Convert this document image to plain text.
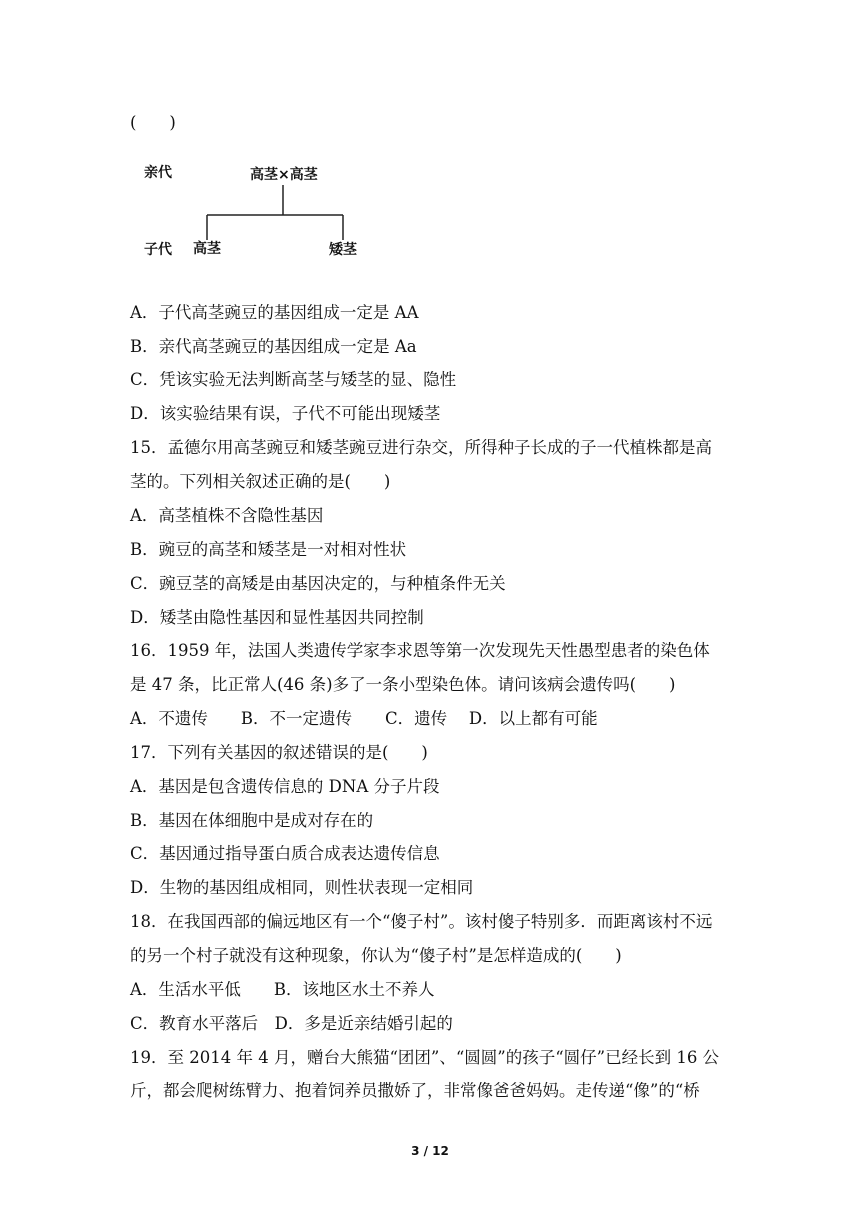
(　　)
亲代	高茎×高茎
子代 高茎	矮茎
A．子代高茎豌豆的基因组成一定是 AA
B．亲代高茎豌豆的基因组成一定是 Aa
C．凭该实验无法判断高茎与矮茎的显、隐性
D．该实验结果有误，子代不可能出现矮茎
15．孟德尔用高茎豌豆和矮茎豌豆进行杂交，所得种子长成的子一代植株都是高
茎的。下列相关叙述正确的是(　　)
A．高茎植株不含隐性基因
B．豌豆的高茎和矮茎是一对相对性状
C．豌豆茎的高矮是由基因决定的，与种植条件无关
D．矮茎由隐性基因和显性基因共同控制
16．1959 年，法国人类遗传学家李求恩等第一次发现先天性愚型患者的染色体
是 47 条，比正常人(46 条)多了一条小型染色体。请问该病会遗传吗(　　)
A．不遗传　　B．不一定遗传　　C．遗传　 D．以上都有可能
17．下列有关基因的叙述错误的是(　　)
A．基因是包含遗传信息的 DNA 分子片段
B．基因在体细胞中是成对存在的
C．基因通过指导蛋白质合成表达遗传信息
D．生物的基因组成相同，则性状表现一定相同
18．在我国西部的偏远地区有一个“傻子村”。该村傻子特别多．而距离该村不远
的另一个村子就没有这种现象，你认为“傻子村”是怎样造成的(　　)
A．生活水平低　　B．该地区水土不养人
C．教育水平落后　D．多是近亲结婚引起的
19．至 2014 年 4 月，赠台大熊猫“团团”、“圆圆”的孩子“圆仔”已经长到 16 公
斤，都会爬树练臂力、抱着饲养员撒娇了，非常像爸爸妈妈。走传递“像”的“桥
3 / 12
